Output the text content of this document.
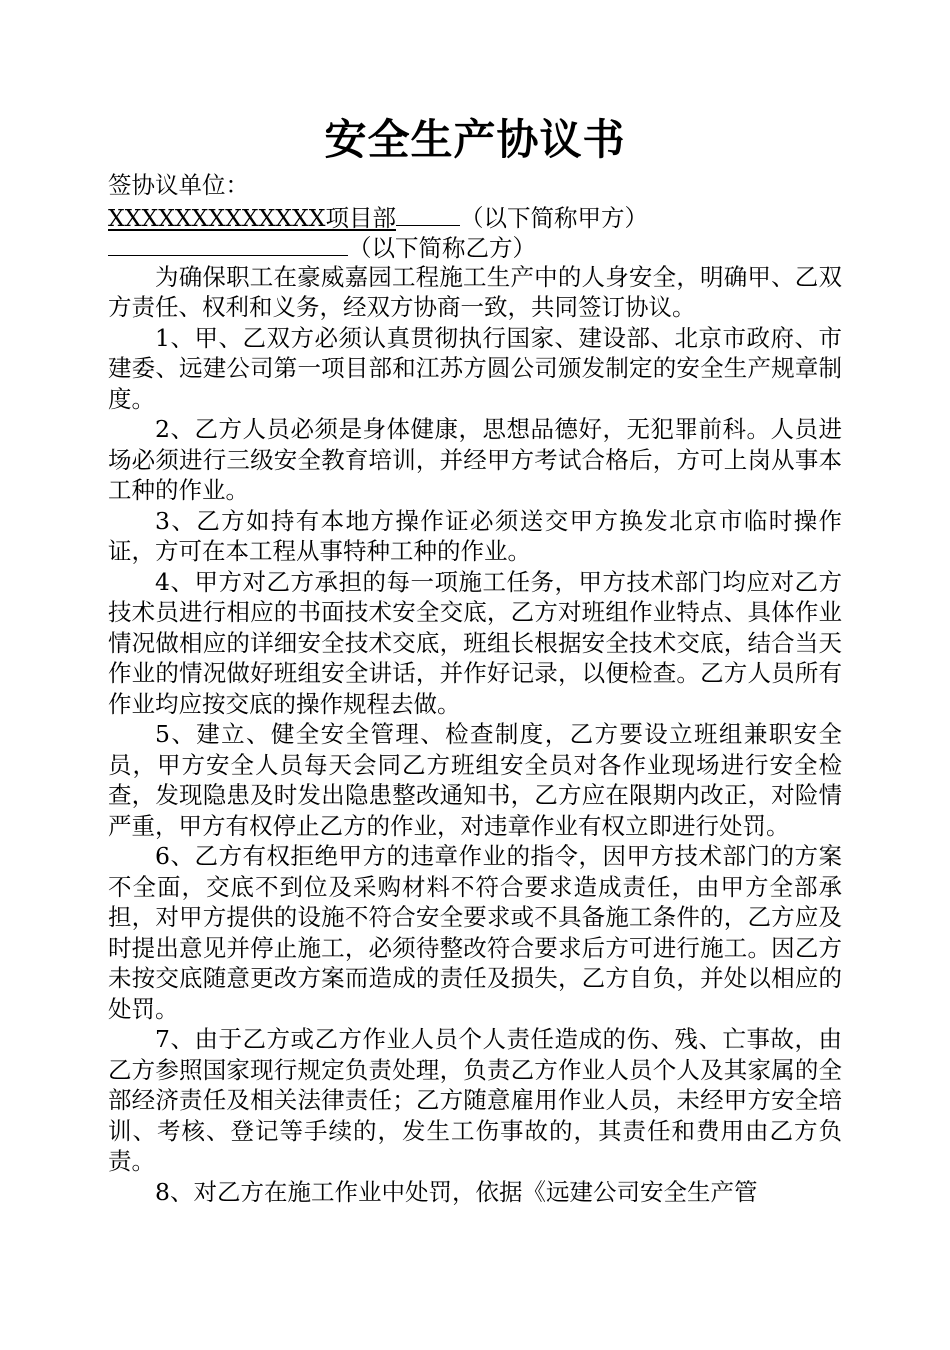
安全生产协议书
签协议单位：
XXXXXXXXXXXXX项目部	（以下简称甲方）
（以下简称乙方）

为确保职工在豪威嘉园工程施工生产中的人身安全，明确甲、乙双方责任、权利和义务，经双方协商一致，共同签订协议。

1、甲、乙双方必须认真贯彻执行国家、建设部、北京市政府、市建委、远建公司第一项目部和江苏方圆公司颁发制定的安全生产规章制度。

2、乙方人员必须是身体健康，思想品德好，无犯罪前科。人员进场必须进行三级安全教育培训，并经甲方考试合格后，方可上岗从事本工种的作业。

3、乙方如持有本地方操作证必须送交甲方换发北京市临时操作证，方可在本工程从事特种工种的作业。

4、甲方对乙方承担的每一项施工任务，甲方技术部门均应对乙方技术员进行相应的书面技术安全交底，乙方对班组作业特点、具体作业情况做相应的详细安全技术交底，班组长根据安全技术交底，结合当天作业的情况做好班组安全讲话，并作好记录，以便检查。乙方人员所有作业均应按交底的操作规程去做。

5、建立、健全安全管理、检查制度，乙方要设立班组兼职安全员，甲方安全人员每天会同乙方班组安全员对各作业现场进行安全检查，发现隐患及时发出隐患整改通知书，乙方应在限期内改正，对险情严重，甲方有权停止乙方的作业，对违章作业有权立即进行处罚。

6、乙方有权拒绝甲方的违章作业的指令，因甲方技术部门的方案不全面，交底不到位及采购材料不符合要求造成责任，由甲方全部承担，对甲方提供的设施不符合安全要求或不具备施工条件的，乙方应及时提出意见并停止施工，必须待整改符合要求后方可进行施工。因乙方未按交底随意更改方案而造成的责任及损失，乙方自负，并处以相应的处罚。

7、由于乙方或乙方作业人员个人责任造成的伤、残、亡事故，由乙方参照国家现行规定负责处理，负责乙方作业人员个人及其家属的全部经济责任及相关法律责任；乙方随意雇用作业人员，未经甲方安全培训、考核、登记等手续的，发生工伤事故的，其责任和费用由乙方负责。

8、对乙方在施工作业中处罚，依据《远建公司安全生产管
